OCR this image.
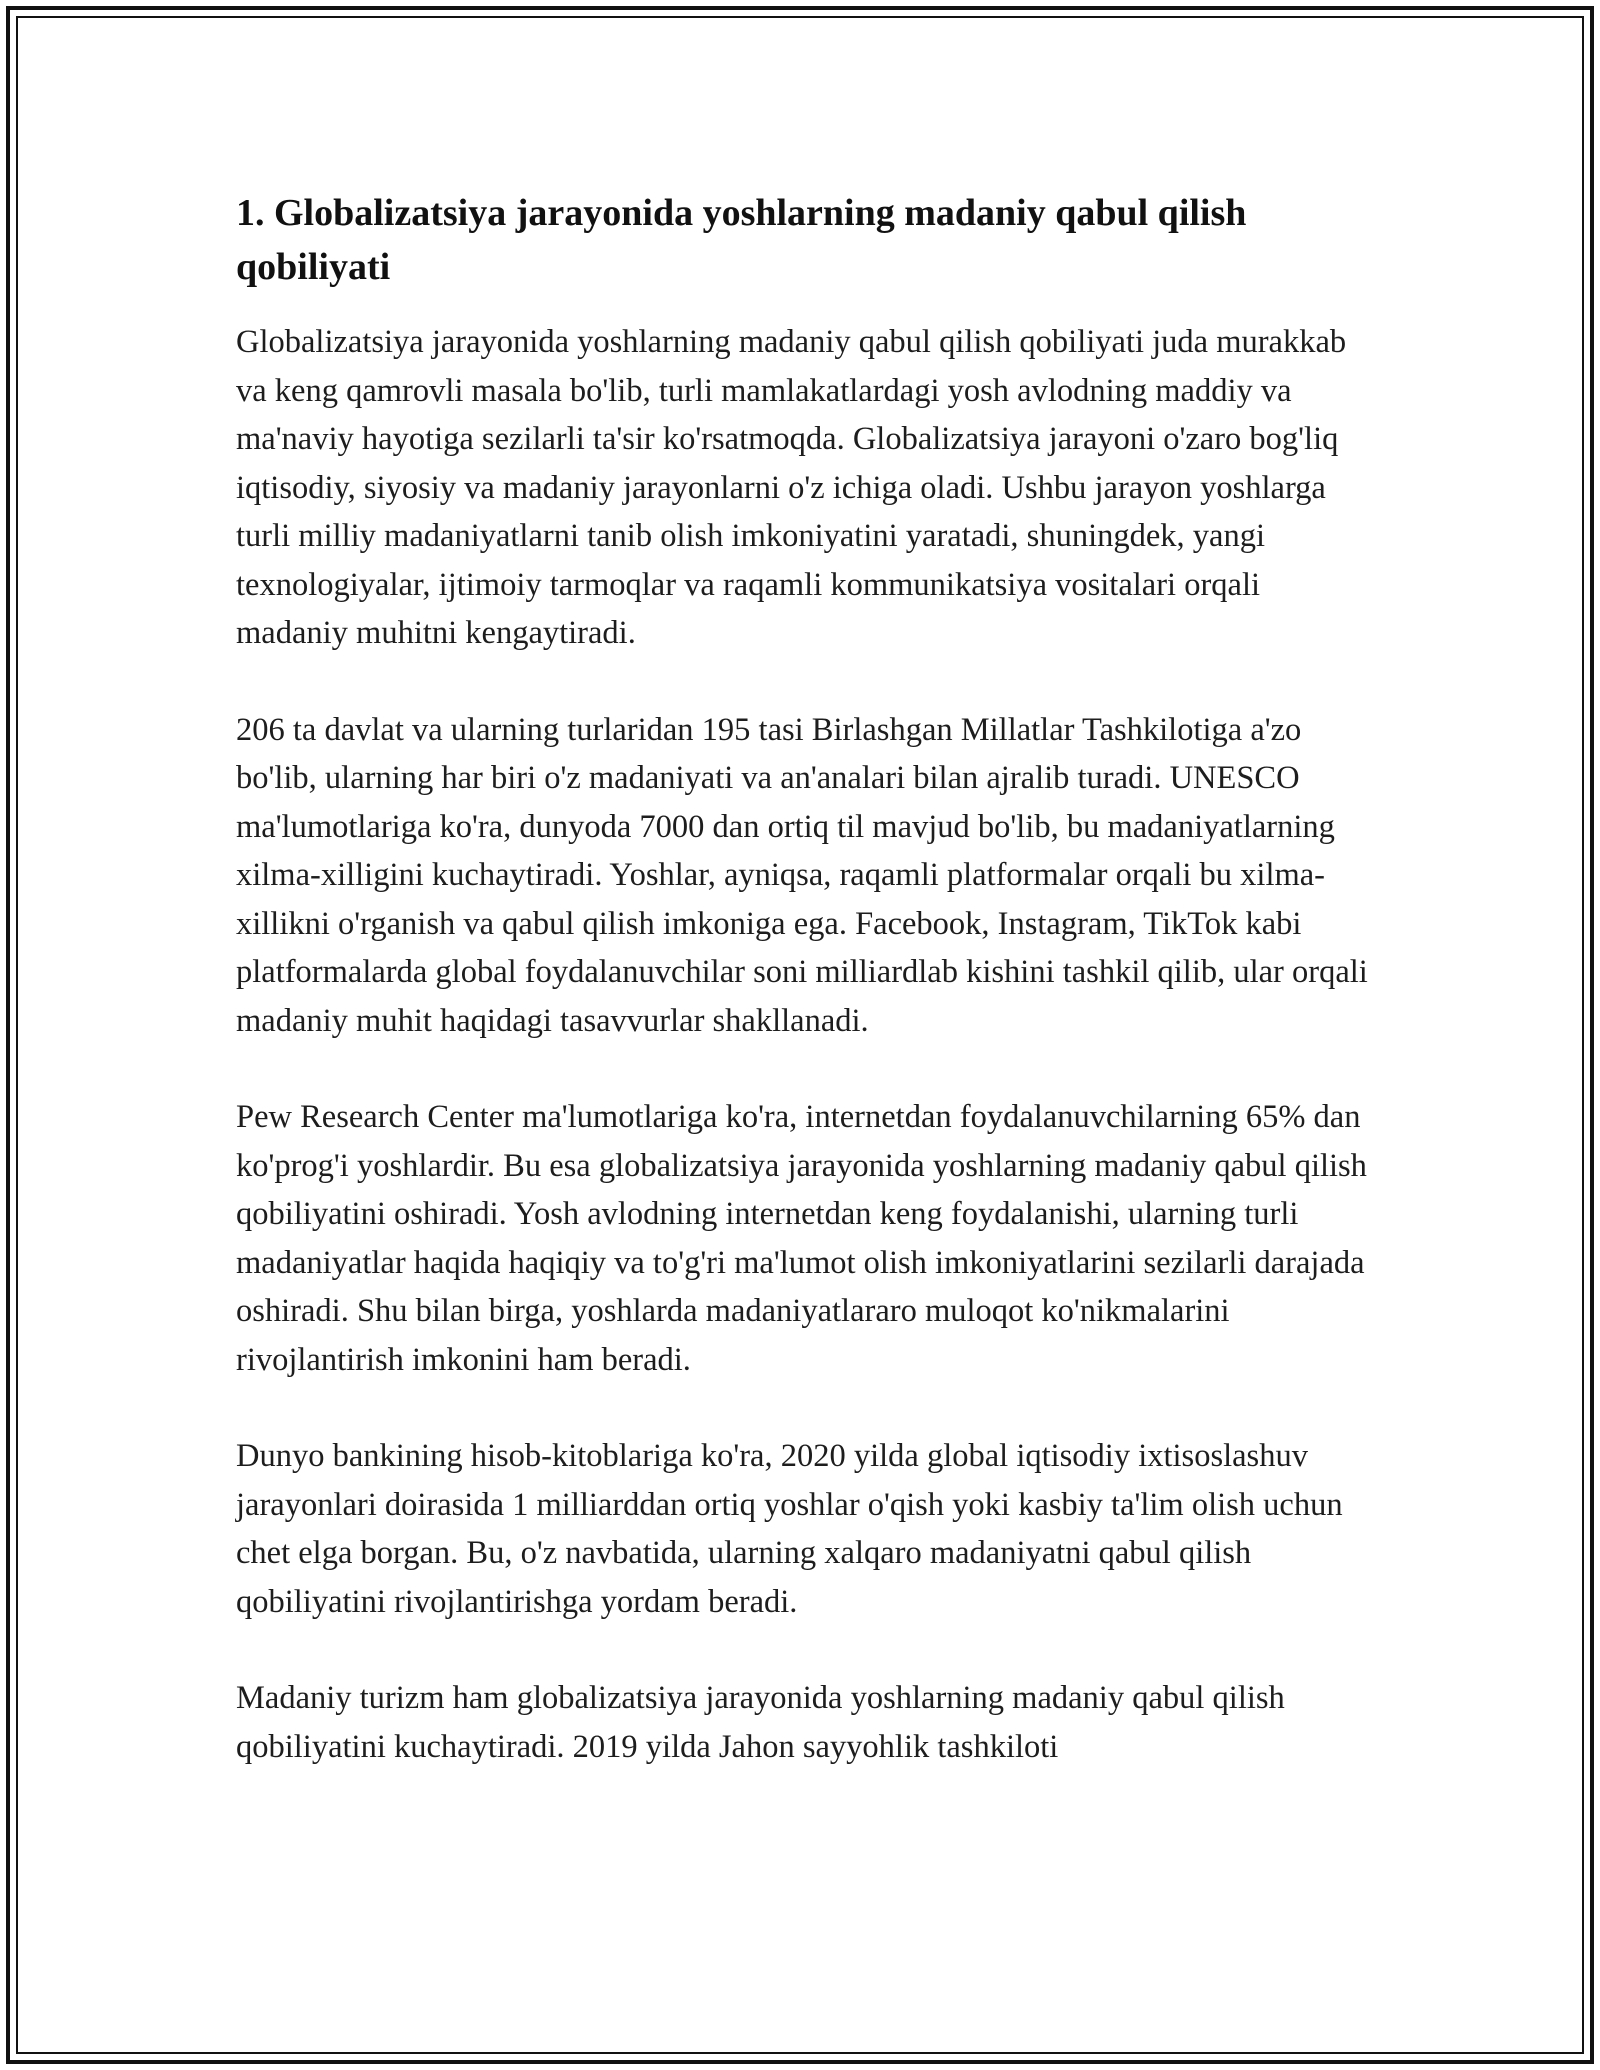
1. Globalizatsiya jarayonida yoshlarning madaniy qabul qilish qobiliyati

Globalizatsiya jarayonida yoshlarning madaniy qabul qilish qobiliyati juda murakkab va keng qamrovli masala bo'lib, turli mamlakatlardagi yosh avlodning maddiy va ma'naviy hayotiga sezilarli ta'sir ko'rsatmoqda. Globalizatsiya jarayoni o'zaro bog'liq iqtisodiy, siyosiy va madaniy jarayonlarni o'z ichiga oladi. Ushbu jarayon yoshlarga turli milliy madaniyatlarni tanib olish imkoniyatini yaratadi, shuningdek, yangi texnologiyalar, ijtimoiy tarmoqlar va raqamli kommunikatsiya vositalari orqali madaniy muhitni kengaytiradi.

206 ta davlat va ularning turlaridan 195 tasi Birlashgan Millatlar Tashkilotiga a'zo bo'lib, ularning har biri o'z madaniyati va an'analari bilan ajralib turadi. UNESCO ma'lumotlariga ko'ra, dunyoda 7000 dan ortiq til mavjud bo'lib, bu madaniyatlarning xilma-xilligini kuchaytiradi. Yoshlar, ayniqsa, raqamli platformalar orqali bu xilma-xillikni o'rganish va qabul qilish imkoniga ega. Facebook, Instagram, TikTok kabi platformalarda global foydalanuvchilar soni milliardlab kishini tashkil qilib, ular orqali madaniy muhit haqidagi tasavvurlar shakllanadi.

Pew Research Center ma'lumotlariga ko'ra, internetdan foydalanuvchilarning 65% dan ko'prog'i yoshlardir. Bu esa globalizatsiya jarayonida yoshlarning madaniy qabul qilish qobiliyatini oshiradi. Yosh avlodning internetdan keng foydalanishi, ularning turli madaniyatlar haqida haqiqiy va to'g'ri ma'lumot olish imkoniyatlarini sezilarli darajada oshiradi. Shu bilan birga, yoshlarda madaniyatlararo muloqot ko'nikmalarini rivojlantirish imkonini ham beradi.

Dunyo bankining hisob-kitoblariga ko'ra, 2020 yilda global iqtisodiy ixtisoslashuv jarayonlari doirasida 1 milliarddan ortiq yoshlar o'qish yoki kasbiy ta'lim olish uchun chet elga borgan. Bu, o'z navbatida, ularning xalqaro madaniyatni qabul qilish qobiliyatini rivojlantirishga yordam beradi.

Madaniy turizm ham globalizatsiya jarayonida yoshlarning madaniy qabul qilish qobiliyatini kuchaytiradi. 2019 yilda Jahon sayyohlik tashkiloti
